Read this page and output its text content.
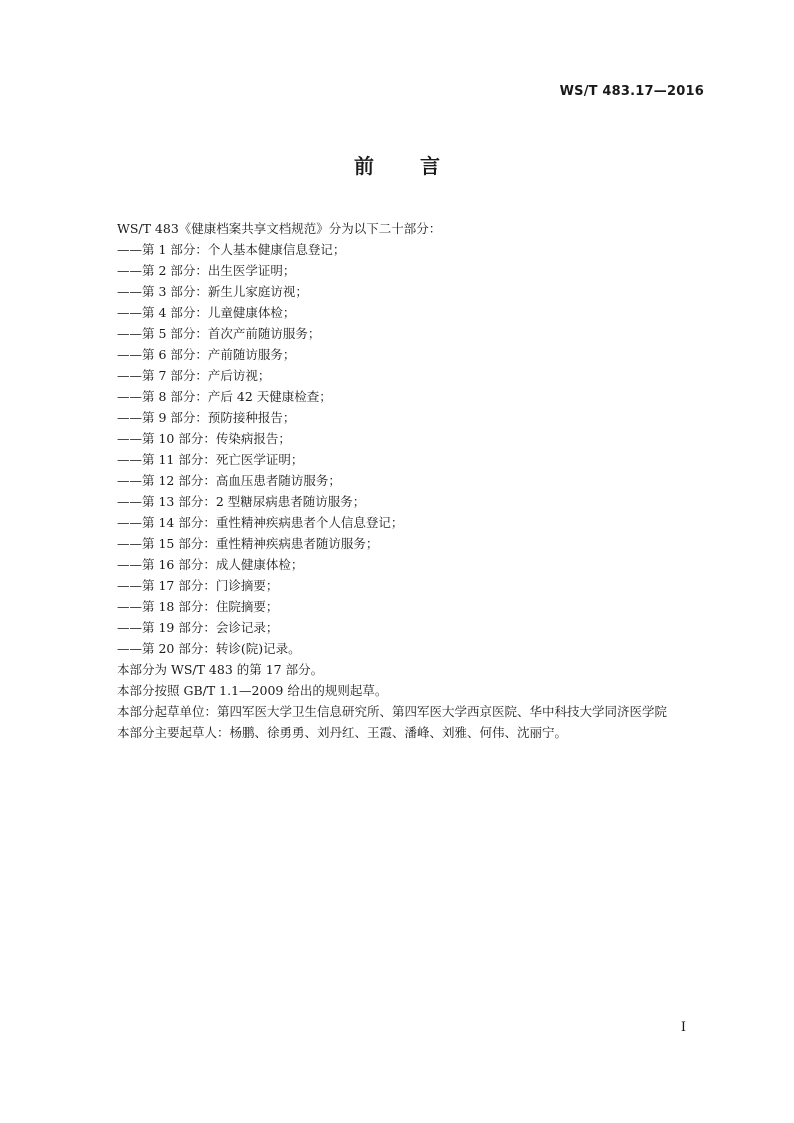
WS/T 483.17—2016
前言
WS/T 483《健康档案共享文档规范》分为以下二十部分：
——第 1 部分：个人基本健康信息登记；
——第 2 部分：出生医学证明；
——第 3 部分：新生儿家庭访视；
——第 4 部分：儿童健康体检；
——第 5 部分：首次产前随访服务；
——第 6 部分：产前随访服务；
——第 7 部分：产后访视；
——第 8 部分：产后 42 天健康检查；
——第 9 部分：预防接种报告；
——第 10 部分：传染病报告；
——第 11 部分：死亡医学证明；
——第 12 部分：高血压患者随访服务；
——第 13 部分：2 型糖尿病患者随访服务；
——第 14 部分：重性精神疾病患者个人信息登记；
——第 15 部分：重性精神疾病患者随访服务；
——第 16 部分：成人健康体检；
——第 17 部分：门诊摘要；
——第 18 部分：住院摘要；
——第 19 部分：会诊记录；
——第 20 部分：转诊(院)记录。
本部分为 WS/T 483 的第 17 部分。
本部分按照 GB/T 1.1—2009 给出的规则起草。
本部分起草单位：第四军医大学卫生信息研究所、第四军医大学西京医院、华中科技大学同济医学院
本部分主要起草人：杨鹏、徐勇勇、刘丹红、王霞、潘峰、刘雅、何伟、沈丽宁。
I
